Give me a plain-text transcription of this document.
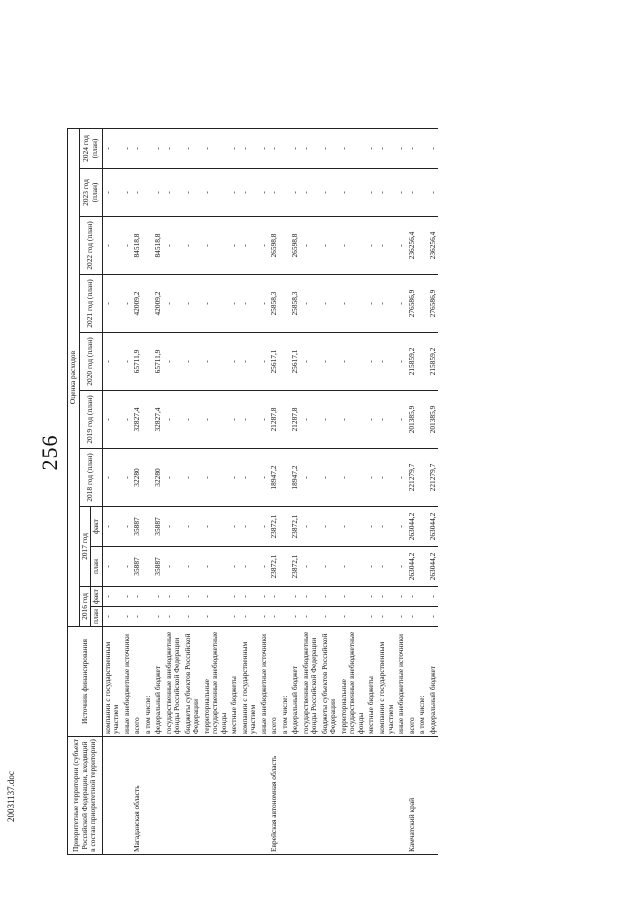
256
Приоритетные территории (субъект Российской Федерации, входящий в состав приоритетной территории)	Источник финансирования	Оценка расходов										
		2016 год		2017 год		2018 год (план)	2019 год (план)	2020 год (план)	2021 год (план)	2022 год (план)	2023 год (план)	2024 год (план)
		план	факт	план	факт							
	компании с государственным участием	-	-	-	-	-	-	-	-	-	-	-
	иные внебюджетные источники	-	-	-	-	-	-	-	-	-	-	-
Магаданская область	всего	-	-	35887	35887	32280	32827,4	65711,9	42009,2	84518,8	-	-
	в том числе:											
	федеральный бюджет	-	-	35887	35887	32280	32827,4	65711,9	42009,2	84518,8	-	-
	государственные внебюджетные фонды Российской Федерации	-	-	-	-	-	-	-	-	-	-	-
	бюджеты субъектов Российской Федерации	-	-	-	-	-	-	-	-	-	-	-
	территориальные государственные внебюджетные фонды	-	-	-	-	-	-	-	-	-	-	-
	местные бюджеты	-	-	-	-	-	-	-	-	-	-	-
	компании с государственным участием	-	-	-	-	-	-	-	-	-	-	-
	иные внебюджетные источники	-	-	-	-	-	-	-	-	-	-	-
Еврейская автономная область	всего	-	-	23872,1	23872,1	18947,2	21287,8	25617,1	25858,3	26598,8	-	-
	в том числе:											
	федеральный бюджет	-	-	23872,1	23872,1	18947,2	21287,8	25617,1	25858,3	26598,8	-	-
	государственные внебюджетные фонды Российской Федерации	-	-	-	-	-	-	-	-	-	-	-
	бюджеты субъектов Российской Федерации	-	-	-	-	-	-	-	-	-	-	-
	территориальные государственные внебюджетные фонды	-	-	-	-	-	-	-	-	-	-	-
	местные бюджеты	-	-	-	-	-	-	-	-	-	-	-
	компании с государственным участием	-	-	-	-	-	-	-	-	-	-	-
	иные внебюджетные источники	-	-	-	-	-	-	-	-	-	-	-
Камчатский край	всего	-	-	263044,2	263044,2	221279,7	201385,9	215859,2	276586,9	236256,4	-	-
	в том числе:											
	федеральный бюджет	-	-	263044,2	263044,2	221279,7	201385,9	215859,2	276586,9	236256,4	-	-
20031137.doc
